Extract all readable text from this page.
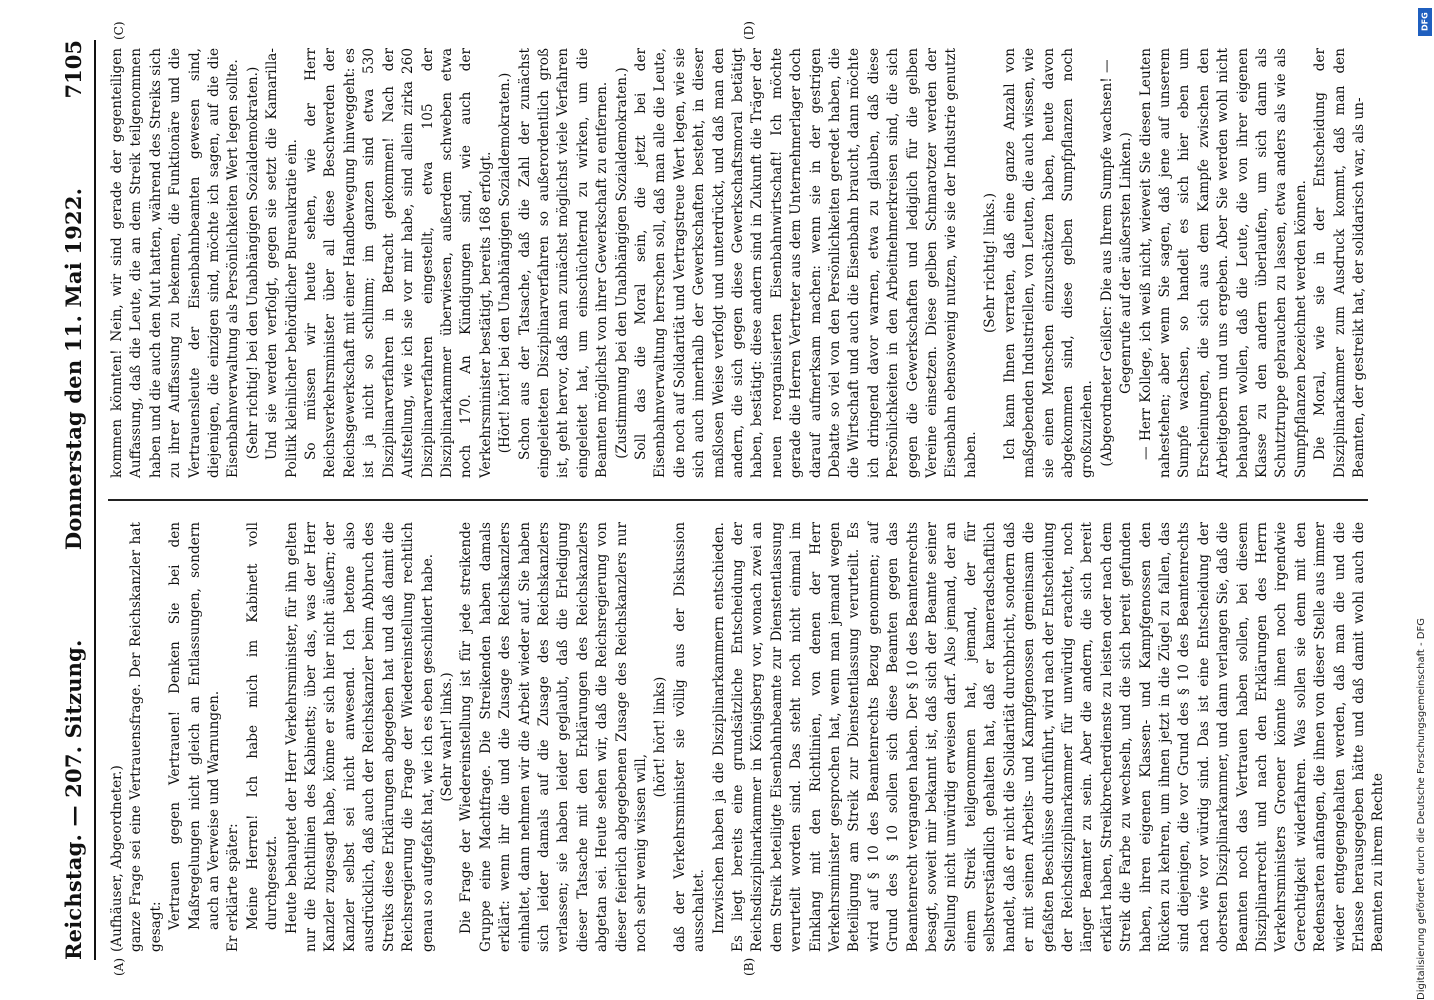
Reichstag. — 207. Sitzung.
Donnerstag den 11. Mai 1922.
7105
(A)	(B)
(C)	(D)

(Aufhäuser, Abgeordneter.) ganze Frage sei eine Vertrauensfrage. Der Reichskanzler hat gesagt: Vertrauen gegen Vertrauen! Denken Sie bei den Maßregelungen nicht gleich an Entlassungen, sondern auch an Verweise und Warnungen. Er erklärte später: Meine Herren! Ich habe mich im Kabinett voll durchgesetzt. Heute behauptet der Herr Verkehrsminister, für ihn gelten nur die Richtlinien des Kabinetts; über das, was der Herr Kanzler zugesagt habe, könne er sich hier nicht äußern; der Kanzler selbst sei nicht anwesend. Ich betone also ausdrücklich, daß auch der Reichskanzler beim Abbruch des Streiks diese Erklärungen abgegeben hat und daß damit die Reichsregierung die Frage der Wiedereinstellung rechtlich genau so aufgefaßt hat, wie ich es eben geschildert habe. (Sehr wahr! links.) Die Frage der Wiedereinstellung ist für jede streikende Gruppe eine Machtfrage. Die Streikenden haben damals erklärt: wenn ihr die und die Zusage des Reichskanzlers einhaltet, dann nehmen wir die Arbeit wieder auf. Sie haben sich leider damals auf die Zusage des Reichskanzlers verlassen; sie haben leider geglaubt, daß die Erledigung dieser Tatsache mit den Erklärungen des Reichskanzlers abgetan sei. Heute sehen wir, daß die Reichsregierung von dieser feierlich abgegebenen Zusage des Reichskanzlers nur noch sehr wenig wissen will,

(hört! hört! links) daß der Verkehrsminister sie völlig aus der Diskussion ausschaltet. Inzwischen haben ja die Disziplinarkammern entschieden. Es liegt bereits eine grundsätzliche Entscheidung der Reichsdisziplinarkammer in Königsberg vor, wonach zwei an dem Streik beteiligte Eisenbahnbeamte zur Dienstentlassung verurteilt worden sind. Das steht noch nicht einmal im Einklang mit den Richtlinien, von denen der Herr Verkehrsminister gesprochen hat, wenn man jemand wegen Beteiligung am Streik zur Dienstentlassung verurteilt. Es wird auf § 10 des Beamtenrechts Bezug genommen; auf Grund des § 10 sollen sich diese Beamten gegen das Beamtenrecht vergangen haben. Der § 10 des Beamtenrechts besagt, soweit mir bekannt ist, daß sich der Beamte seiner Stellung nicht unwürdig erweisen darf. Also jemand, der an einem Streik teilgenommen hat, jemand, der für selbstverständlich gehalten hat, daß er kameradschaftlich handelt, daß er nicht die Solidarität durchbricht, sondern daß er mit seinen Arbeits- und Kampfgenossen gemeinsam die gefaßten Beschlüsse durchführt, wird nach der Entscheidung der Reichsdisziplinarkammer für unwürdig erachtet, noch länger Beamter zu sein. Aber die andern, die sich bereit erklärt haben, Streikbrecherdienste zu leisten oder nach dem Streik die Farbe zu wechseln, und die sich bereit gefunden haben, ihren eigenen Klassen- und Kampfgenossen den Rücken zu kehren, um ihnen jetzt in die Zügel zu fallen, das sind diejenigen, die vor Grund des § 10 des Beamtenrechts nach wie vor würdig sind. Das ist eine Entscheidung der obersten Disziplinarkammer, und dann verlangen Sie, daß die Beamten noch das Vertrauen haben sollen, bei diesem Disziplinarrecht und nach den Erklärungen des Herrn Verkehrsministers Groener könnte ihnen noch irgendwie Gerechtigkeit widerfahren. Was sollen sie denn mit den Redensarten anfangen, die ihnen von dieser Stelle aus immer wieder entgegengehalten werden, daß man die und die Erlasse herausgegeben hätte und daß damit wohl auch die Beamten zu ihrem Rechte

kommen könnten! Nein, wir sind gerade der gegenteiligen Auffassung, daß die Leute, die an dem Streik teilgenommen haben und die auch den Mut hatten, während des Streiks sich zu ihrer Auffassung zu bekennen, die Funktionäre und die Vertrauensleute der Eisenbahnbeamten gewesen sind, diejenigen, die einzigen sind, möchte ich sagen, auf die die Eisenbahnverwaltung als Persönlichkeiten Wert legen sollte. (Sehr richtig! bei den Unabhängigen Sozialdemokraten.) Und sie werden verfolgt, gegen sie setzt die Kamarilla-Politik kleinlicher behördlicher Bureaukratie ein. So müssen wir heute sehen, wie der Herr Reichsverkehrsminister über all diese Beschwerden der Reichsgewerkschaft mit einer Handbewegung hinweggeht: es ist ja nicht so schlimm; im ganzen sind etwa 530 Disziplinarverfahren in Betracht gekommen! Nach der Aufstellung, wie ich sie vor mir habe, sind allein zirka 260 Disziplinarverfahren eingestellt, etwa 105 der Disziplinarkammer überwiesen, außerdem schweben etwa noch 170. An Kündigungen sind, wie auch der Verkehrsminister bestätigt, bereits 168 erfolgt. (Hört! hört! bei den Unabhängigen Sozialdemokraten.) Schon aus der Tatsache, daß die Zahl der zunächst eingeleiteten Disziplinarverfahren so außerordentlich groß ist, geht hervor, daß man zunächst möglichst viele Verfahren eingeleitet hat, um einschüchternd zu wirken, um die Beamten möglichst von ihrer Gewerkschaft zu entfernen. (Zustimmung bei den Unabhängigen Sozialdemokraten.) Soll das die Moral sein, die jetzt bei der Eisenbahnverwaltung herrschen soll, daß man alle die Leute, die noch auf Solidarität und Vertragstreue Wert legen, wie sie sich auch innerhalb der Gewerkschaften besteht, in dieser maßlosen Weise verfolgt und unterdrückt, und daß man den andern, die sich gegen diese Gewerkschaftsmoral betätigt haben, bestätigt: diese andern sind in Zukunft die Träger der neuen reorganisierten Eisenbahnwirtschaft! Ich möchte gerade die Herren Vertreter aus dem Unternehmerlager doch darauf aufmerksam machen: wenn sie in der gestrigen Debatte so viel von den Persönlichkeiten geredet haben, die die Wirtschaft und auch die Eisenbahn braucht, dann möchte ich dringend davor warnen, etwa zu glauben, daß diese Persönlichkeiten in den Arbeitnehmerkreisen sind, die sich gegen die Gewerkschaften und lediglich für die gelben Vereine einsetzen. Diese gelben Schmarotzer werden der Eisenbahn ebensowenig nutzen, wie sie der Industrie genutzt haben.

(Sehr richtig! links.) Ich kann Ihnen verraten, daß eine ganze Anzahl von maßgebenden Industriellen, von Leuten, die auch wissen, wie sie einen Menschen einzuschätzen haben, heute davon abgekommen sind, diese gelben Sumpfpflanzen noch großzuziehen. (Abgeordneter Geißler: Die aus Ihrem Sumpfe wachsen! — Gegenrufe auf der äußersten Linken.) — Herr Kollege, ich weiß nicht, wieweit Sie diesen Leuten nahestehen; aber wenn Sie sagen, daß jene auf unserem Sumpfe wachsen, so handelt es sich hier eben um Erscheinungen, die sich aus dem Kampfe zwischen den Arbeitgebern und uns ergeben. Aber Sie werden wohl nicht behaupten wollen, daß die Leute, die von ihrer eigenen Klasse zu den andern überlaufen, um sich dann als Schutztruppe gebrauchen zu lassen, etwa anders als wie als Sumpfpflanzen bezeichnet werden können. Die Moral, wie sie in der Entscheidung der Disziplinarkammer zum Ausdruck kommt, daß man den Beamten, der gestreikt hat, der solidarisch war, als un-

DFG
Digitalisierung gefördert durch die Deutsche Forschungsgemeinschaft - DFG
